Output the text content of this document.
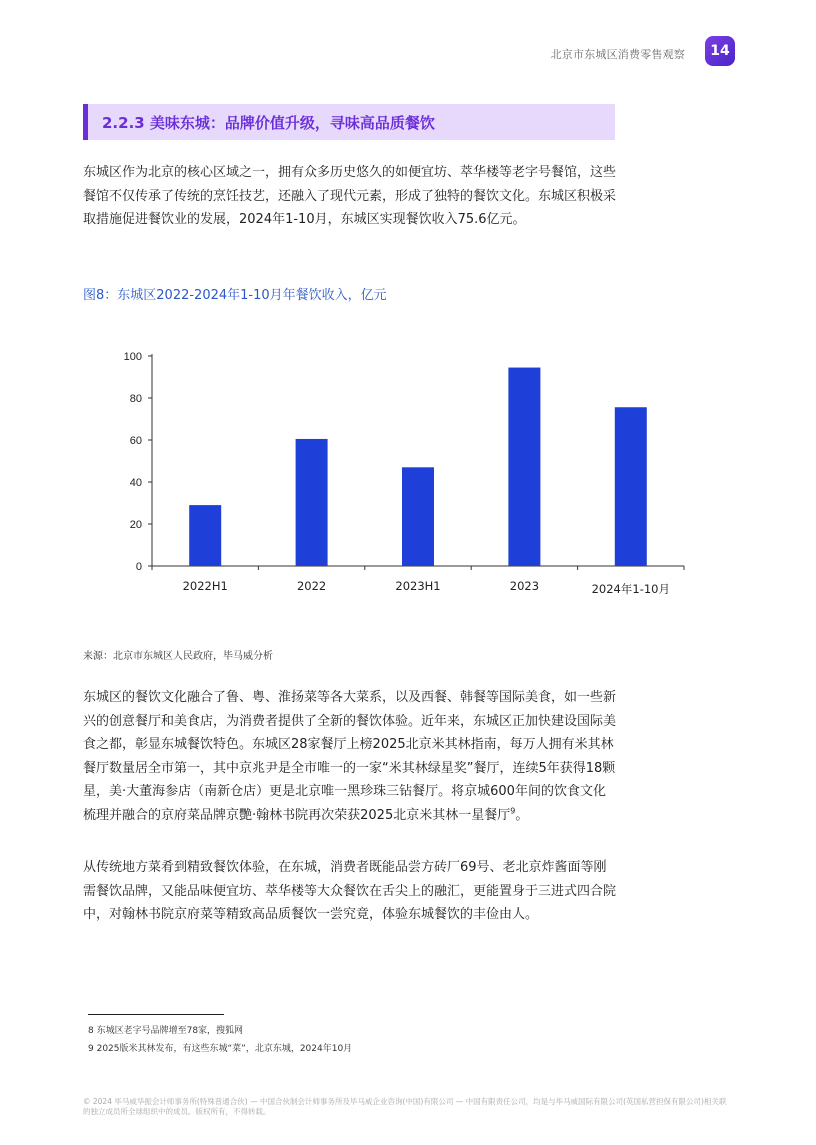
北京市东城区消费零售观察	14
2.2.3 美味东城：品牌价值升级，寻味高品质餐饮
东城区作为北京的核心区域之一，拥有众多历史悠久的如便宜坊、萃华楼等老字号餐馆，这些餐馆不仅传承了传统的烹饪技艺，还融入了现代元素，形成了独特的餐饮文化。东城区积极采取措施促进餐饮业的发展，2024年1-10月，东城区实现餐饮收入75.6亿元。
图8：东城区2022-2024年1-10月年餐饮收入，亿元
0
20
40
60
80
100
2022H1	2022	2023H1	2023	2024年1-10月
来源：北京市东城区人民政府，毕马威分析
东城区的餐饮文化融合了鲁、粤、淮扬菜等各大菜系，以及西餐、韩餐等国际美食，如一些新兴的创意餐厅和美食店，为消费者提供了全新的餐饮体验。近年来，东城区正加快建设国际美食之都，彰显东城餐饮特色。东城区28家餐厅上榜2025北京米其林指南，每万人拥有米其林餐厅数量居全市第一，其中京兆尹是全市唯一的一家“米其林绿星奖”餐厅，连续5年获得18颗星，美·大董海参店（南新仓店）更是北京唯一黑珍珠三钻餐厅。将京城600年间的饮食文化梳理并融合的京府菜品牌京艷·翰林书院再次荣获2025北京米其林一星餐厅$^9$。
从传统地方菜肴到精致餐饮体验，在东城，消费者既能品尝方砖厂69号、老北京炸酱面等刚需餐饮品牌，又能品味便宜坊、萃华楼等大众餐饮在舌尖上的融汇，更能置身于三进式四合院中，对翰林书院京府菜等精致高品质餐饮一尝究竟，体验东城餐饮的丰俭由人。
8 东城区老字号品牌增至78家，搜狐网
9 2025版米其林发布，有这些东城“菜”，北京东城，2024年10月
© 2024 毕马威华振会计师事务所(特殊普通合伙) — 中国合伙制会计师事务所及毕马威企业咨询(中国)有限公司 — 中国有限责任公司，均是与毕马威国际有限公司(英国私营担保有限公司)相关联的独立成员所全球组织中的成员。版权所有，不得转载。
